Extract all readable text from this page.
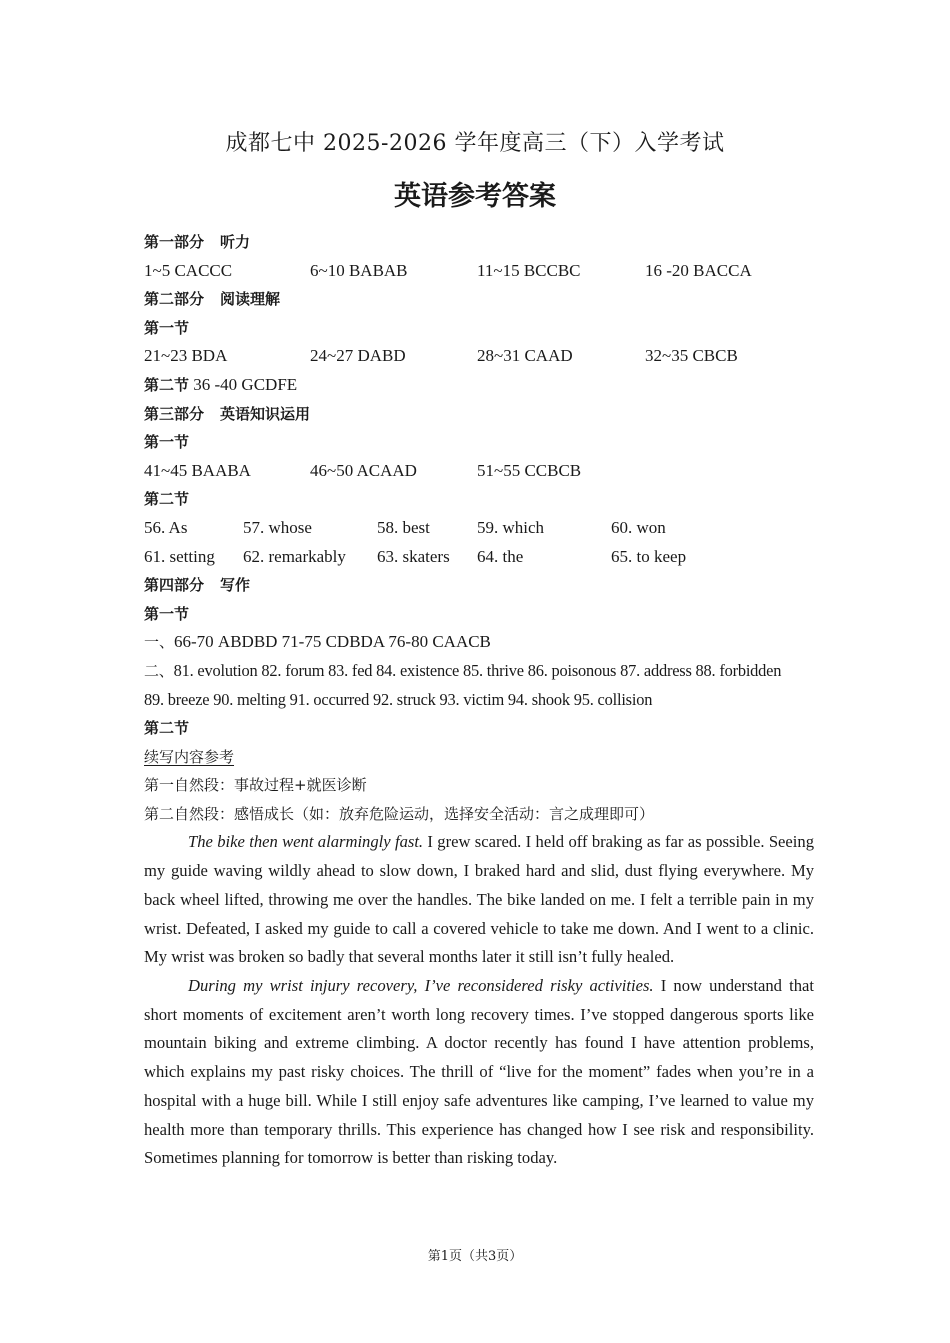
成都七中 2025-2026 学年度高三（下）入学考试
英语参考答案
第一部分 听力
1~5 CACCC	6~10 BABAB	11~15 BCCBC	16 -20 BACCA
第二部分 阅读理解
第一节
21~23 BDA	24~27 DABD	28~31 CAAD	32~35 CBCB
第二节 36 -40 GCDFE
第三部分 英语知识运用
第一节
41~45 BAABA	46~50 ACAAD	51~55 CCBCB
第二节
56. As	57. whose	58. best	59. which	60. won
61. setting 62. remarkably 63. skaters 64. the	65. to keep
第四部分 写作
第一节
一、66-70 ABDBD 71-75 CDBDA 76-80 CAACB
二、81. evolution 82. forum 83. fed 84. existence 85. thrive 86. poisonous 87. address 88. forbidden
89. breeze 90. melting 91. occurred 92. struck 93. victim 94. shook 95. collision
第二节
续写内容参考
第一自然段：事故过程+就医诊断
第二自然段：感悟成长（如：放弃危险运动，选择安全活动：言之成理即可）

The bike then went alarmingly fast. I grew scared. I held off braking as far as possible. Seeing my guide waving wildly ahead to slow down, I braked hard and slid, dust flying everywhere. My back wheel lifted, throwing me over the handles. The bike landed on me. I felt a terrible pain in my wrist. Defeated, I asked my guide to call a covered vehicle to take me down. And I went to a clinic. My wrist was broken so badly that several months later it still isn’t fully healed.

During my wrist injury recovery, I’ve reconsidered risky activities. I now understand that short moments of excitement aren’t worth long recovery times. I’ve stopped dangerous sports like mountain biking and extreme climbing. A doctor recently has found I have attention problems, which explains my past risky choices. The thrill of “live for the moment” fades when you’re in a hospital with a huge bill. While I still enjoy safe adventures like camping, I’ve learned to value my health more than temporary thrills. This experience has changed how I see risk and responsibility. Sometimes planning for tomorrow is better than risking today.

第1页（共3页）
